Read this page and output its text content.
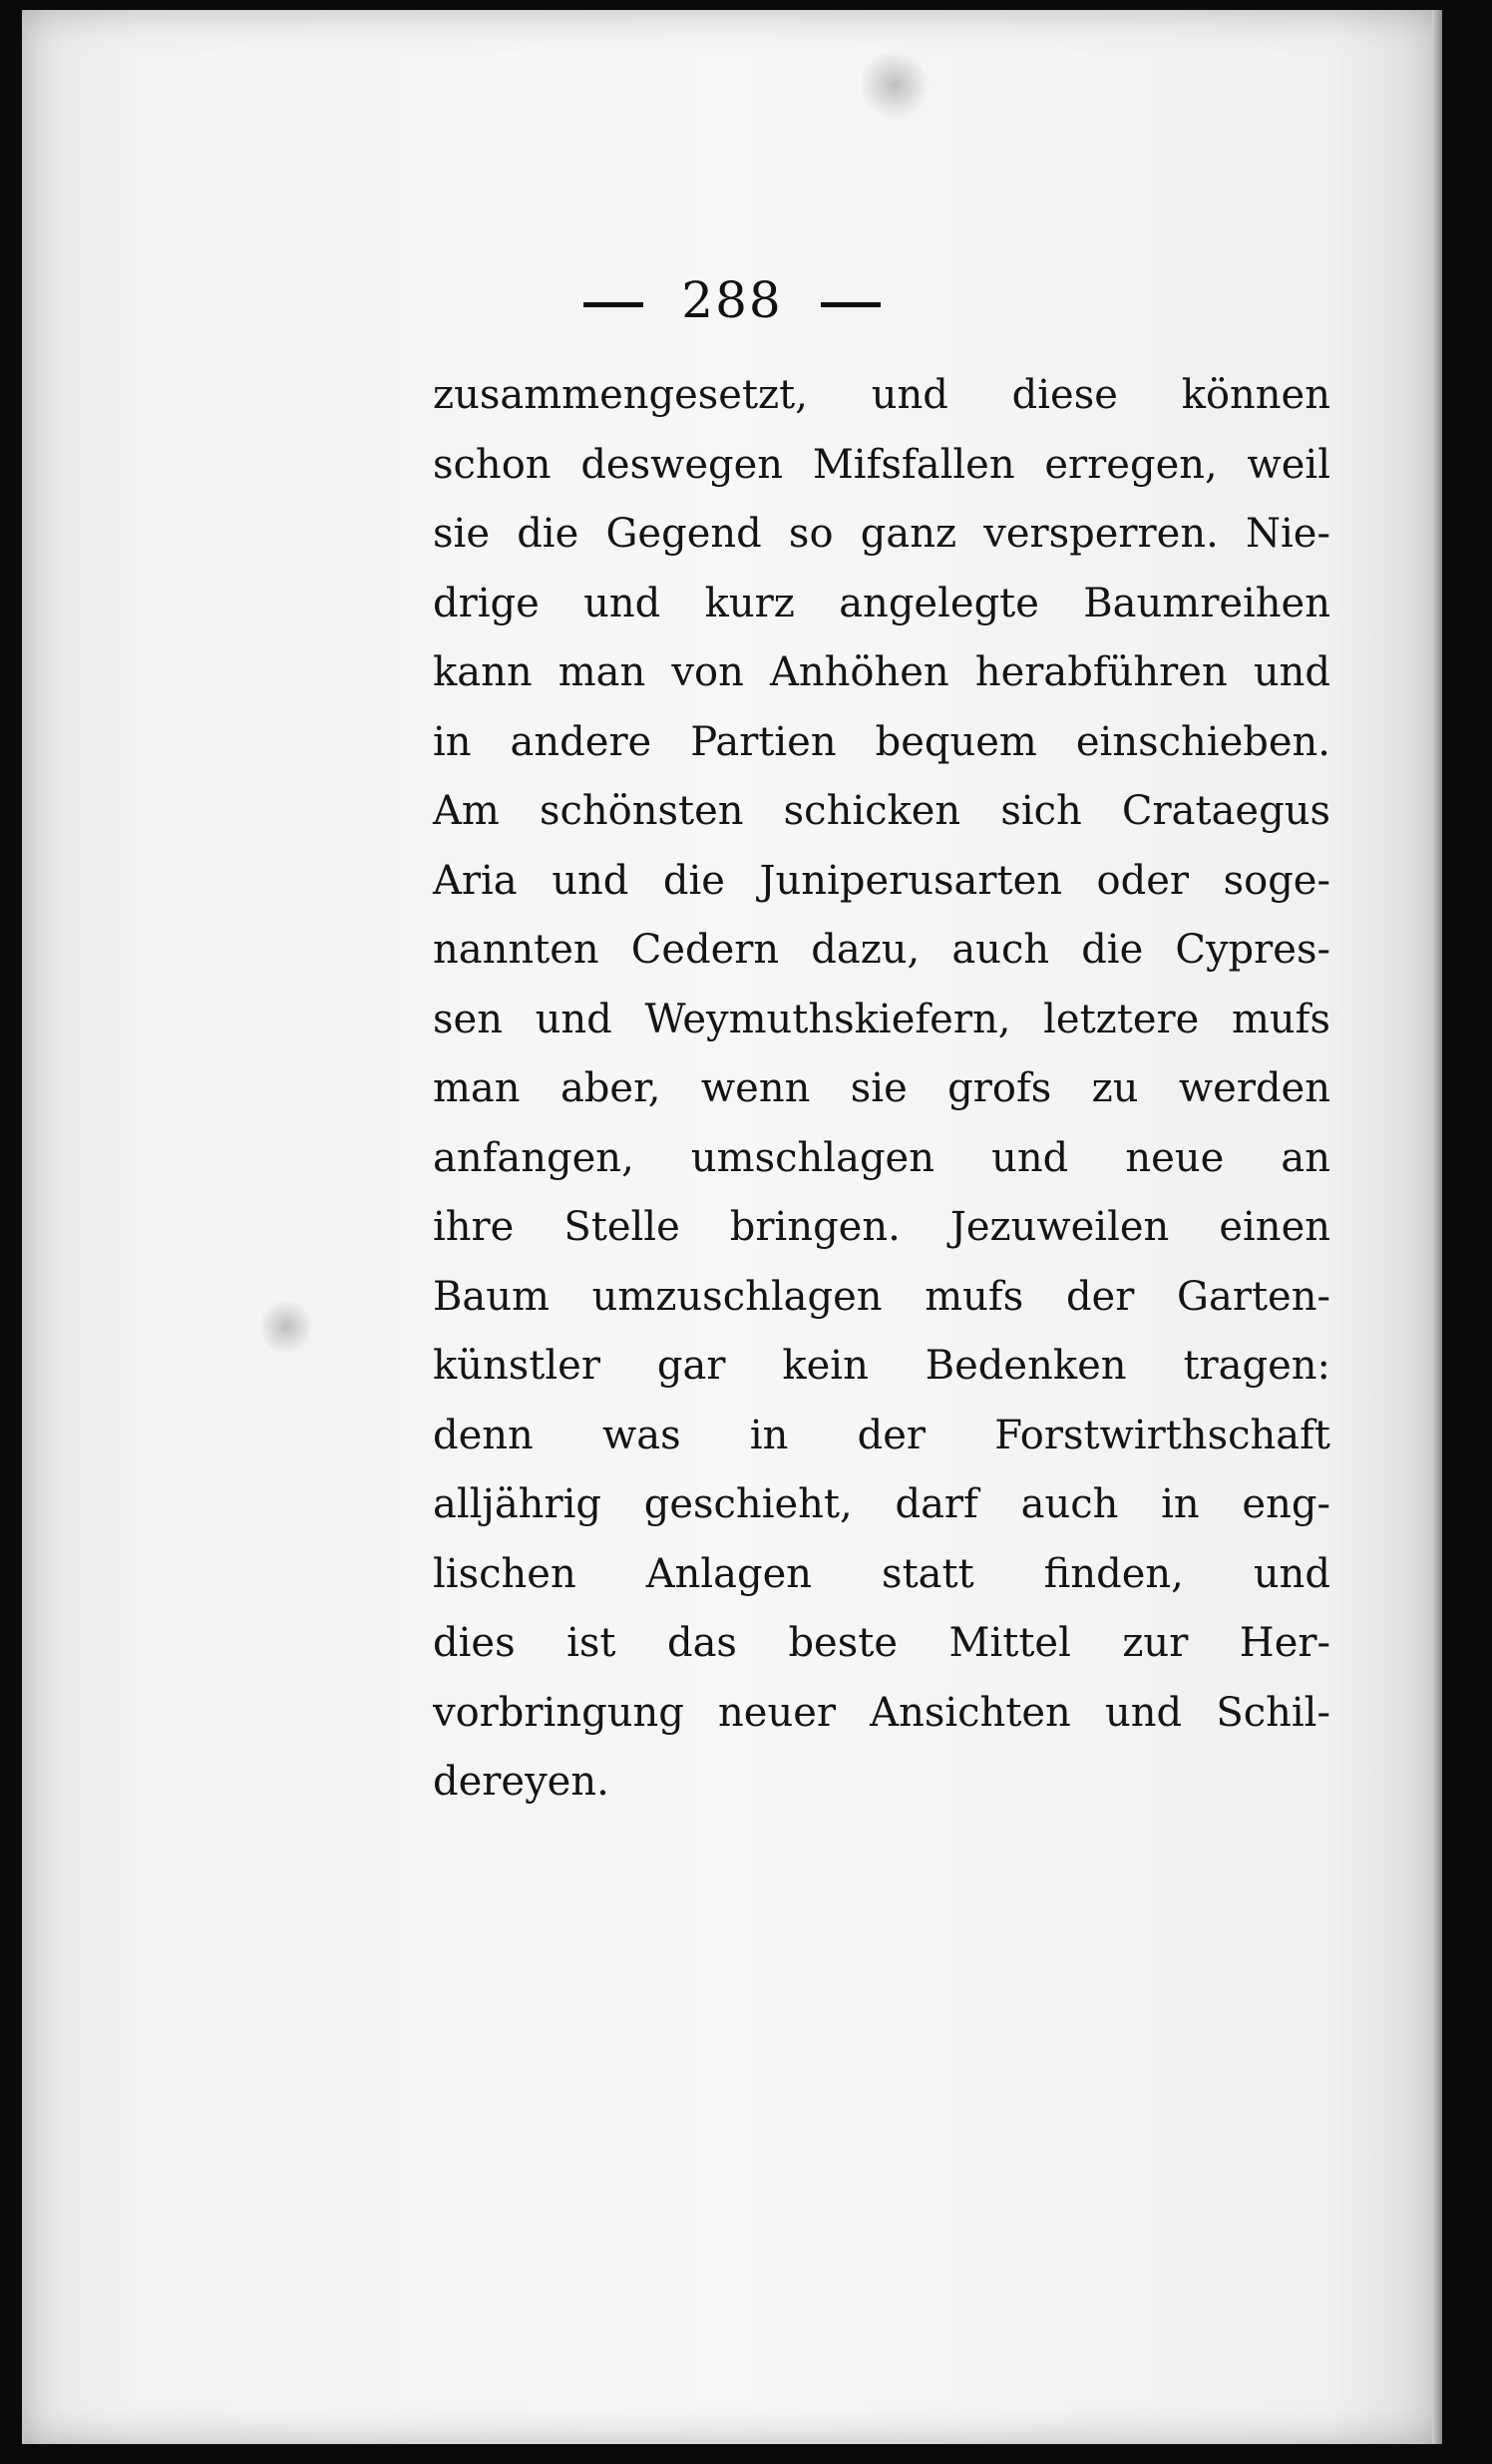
288
zusammengesetzt, und diese können
schon deswegen Mifsfallen erregen, weil
sie die Gegend so ganz versperren. Nie-
drige und kurz angelegte Baumreihen
kann man von Anhöhen herabführen und
in andere Partien bequem einschieben.
Am schönsten schicken sich Crataegus
Aria und die Juniperusarten oder soge-
nannten Cedern dazu, auch die Cypres-
sen und Weymuthskiefern, letztere mufs
man aber, wenn sie grofs zu werden
anfangen, umschlagen und neue an
ihre Stelle bringen. Jezuweilen einen
Baum umzuschlagen mufs der Garten-
künstler gar kein Bedenken tragen:
denn was in der Forstwirthschaft
alljährig geschieht, darf auch in eng-
lischen Anlagen statt finden, und
dies ist das beste Mittel zur Her-
vorbringung neuer Ansichten und Schil-
dereyen.
